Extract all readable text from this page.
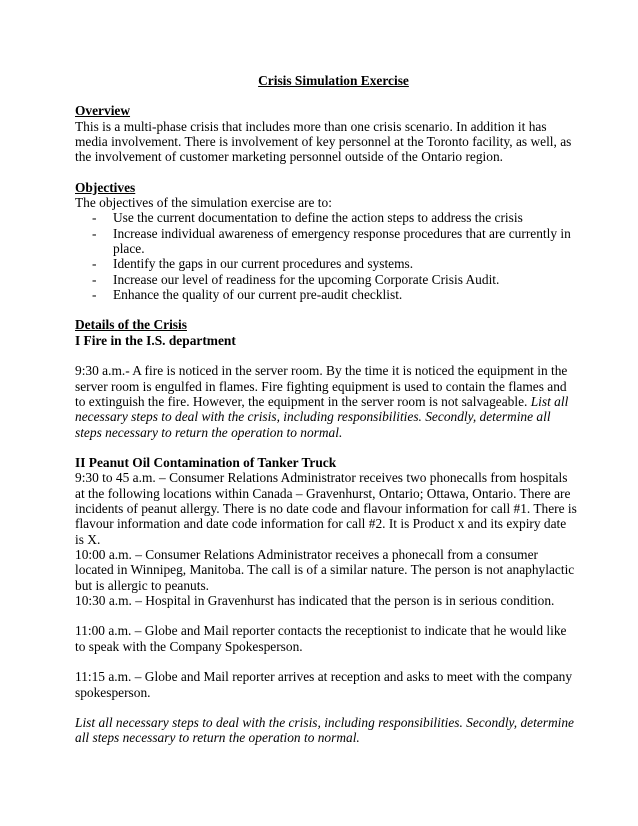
Crisis Simulation Exercise

Overview

This is a multi-phase crisis that includes more than one crisis scenario. In addition it has media involvement. There is involvement of key personnel at the Toronto facility, as well, as the involvement of customer marketing personnel outside of the Ontario region.

Objectives

The objectives of the simulation exercise are to:

- Use the current documentation to define the action steps to address the crisis
- Increase individual awareness of emergency response procedures that are currently in place.
- Identify the gaps in our current procedures and systems.
- Increase our level of readiness for the upcoming Corporate Crisis Audit.
- Enhance the quality of our current pre-audit checklist.

Details of the Crisis

I Fire in the I.S. department

9:30 a.m.- A fire is noticed in the server room. By the time it is noticed the equipment in the server room is engulfed in flames. Fire fighting equipment is used to contain the flames and to extinguish the fire. However, the equipment in the server room is not salvageable. List all necessary steps to deal with the crisis, including responsibilities. Secondly, determine all steps necessary to return the operation to normal.

II Peanut Oil Contamination of Tanker Truck

9:30 to 45 a.m. – Consumer Relations Administrator receives two phonecalls from hospitals at the following locations within Canada – Gravenhurst, Ontario; Ottawa, Ontario. There are incidents of peanut allergy. There is no date code and flavour information for call #1. There is flavour information and date code information for call #2. It is Product x and its expiry date is X.

10:00 a.m. – Consumer Relations Administrator receives a phonecall from a consumer located in Winnipeg, Manitoba. The call is of a similar nature. The person is not anaphylactic but is allergic to peanuts.

10:30 a.m. – Hospital in Gravenhurst has indicated that the person is in serious condition.

11:00 a.m. – Globe and Mail reporter contacts the receptionist to indicate that he would like to speak with the Company Spokesperson.

11:15 a.m. – Globe and Mail reporter arrives at reception and asks to meet with the company spokesperson.

List all necessary steps to deal with the crisis, including responsibilities. Secondly, determine all steps necessary to return the operation to normal.
